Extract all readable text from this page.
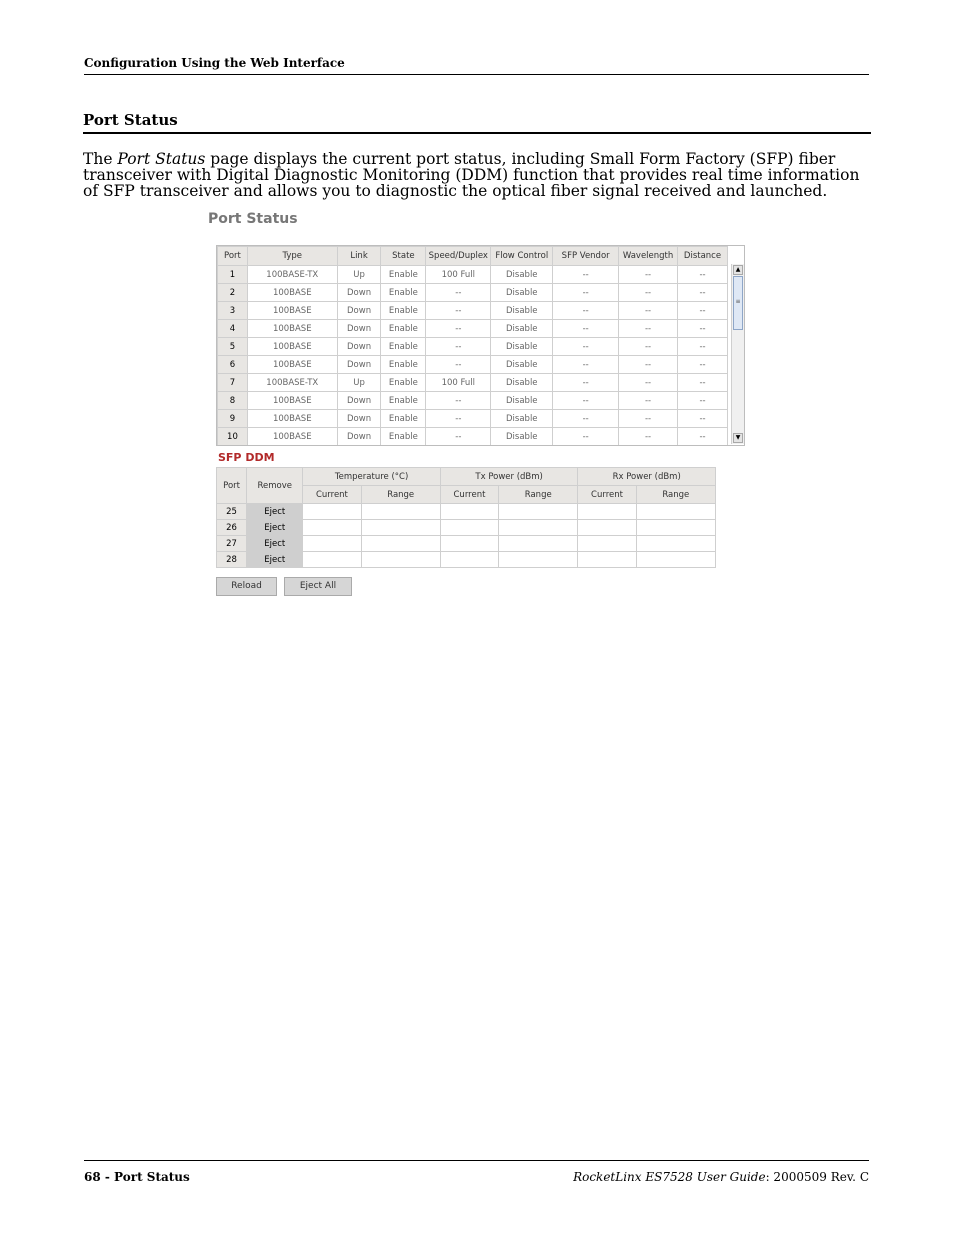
Configuration Using the Web Interface
Port Status

The Port Status page displays the current port status, including Small Form Factory (SFP) fiber transceiver with Digital Diagnostic Monitoring (DDM) function that provides real time information of SFP transceiver and allows you to diagnostic the optical fiber signal received and launched.

Port Status
Port	Type	Link	State	Speed/Duplex	Flow Control	SFP Vendor	Wavelength	Distance
1	100BASE-TX	Up	Enable	100 Full	Disable	--	--	--
2	100BASE	Down	Enable	--	Disable	--	--	--
3	100BASE	Down	Enable	--	Disable	--	--	--
4	100BASE	Down	Enable	--	Disable	--	--	--
5	100BASE	Down	Enable	--	Disable	--	--	--
6	100BASE	Down	Enable	--	Disable	--	--	--
7	100BASE-TX	Up	Enable	100 Full	Disable	--	--	--
8	100BASE	Down	Enable	--	Disable	--	--	--
9	100BASE	Down	Enable	--	Disable	--	--	--
10	100BASE	Down	Enable	--	Disable	--	--	--
▲
≡
▼
SFP DDM
Port	Remove	Temperature (°C)		Tx Power (dBm)		Rx Power (dBm)	
		Current	Range	Current	Range	Current	Range
25	Eject						
26	Eject						
27	Eject						
28	Eject						
Reload	Eject All
68 - Port Status	RocketLinx ES7528 User Guide: 2000509 Rev. C
